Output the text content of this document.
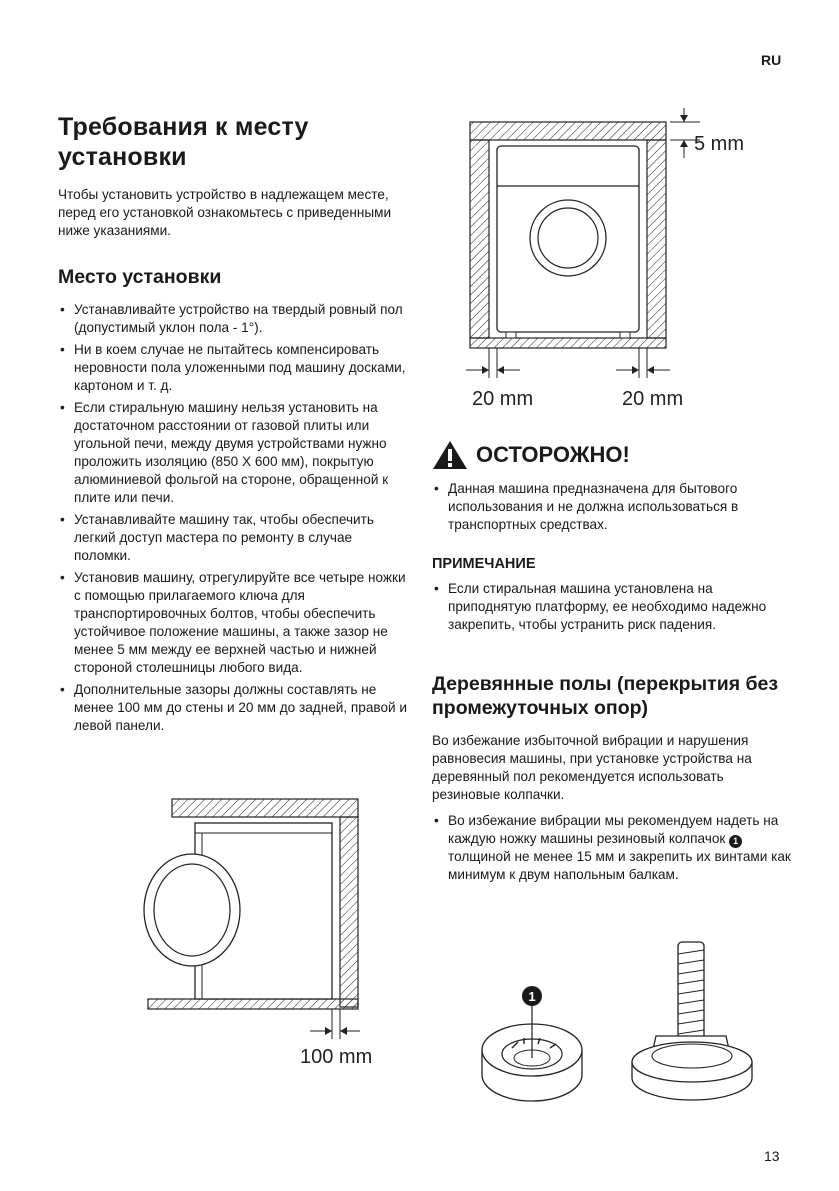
RU
Требования к месту установки

Чтобы установить устройство в надлежащем месте, перед его установкой ознакомьтесь с приведенными ниже указаниями.

Место установки
• Устанавливайте устройство на твердый ровный пол (допустимый уклон пола - 1°).
• Ни в коем случае не пытайтесь компенсировать неровности пола уложенными под машину досками, картоном и т. д.
• Если стиральную машину нельзя установить на достаточном расстоянии от газовой плиты или угольной печи, между двумя устройствами нужно проложить изоляцию (850 X 600 мм), покрытую алюминиевой фольгой на стороне, обращенной к плите или печи.
• Устанавливайте машину так, чтобы обеспечить легкий доступ мастера по ремонту в случае поломки.
• Установив машину, отрегулируйте все четыре ножки с помощью прилагаемого ключа для транспортировочных болтов, чтобы обеспечить устойчивое положение машины, а также зазор не менее 5 мм между ее верхней частью и нижней стороной столешницы любого вида.
• Дополнительные зазоры должны составлять не менее 100 мм до стены и 20 мм до задней, правой и левой панели.
5 mm
20 mm	20 mm
100 mm
ОСТОРОЖНО!
• Данная машина предназначена для бытового использования и не должна использоваться в транспортных средствах.
ПРИМЕЧАНИЕ
• Если стиральная машина установлена на приподнятую платформу, ее необходимо надежно закрепить, чтобы устранить риск падения.
Деревянные полы (перекрытия без промежуточных опор)

Во избежание избыточной вибрации и нарушения равновесия машины, при установке устройства на деревянный пол рекомендуется использовать резиновые колпачки.

• Во избежание вибрации мы рекомендуем надеть на каждую ножку машины резиновый колпачок 1 толщиной не менее 15 мм и закрепить их винтами как минимум к двум напольным балкам.
1
13
